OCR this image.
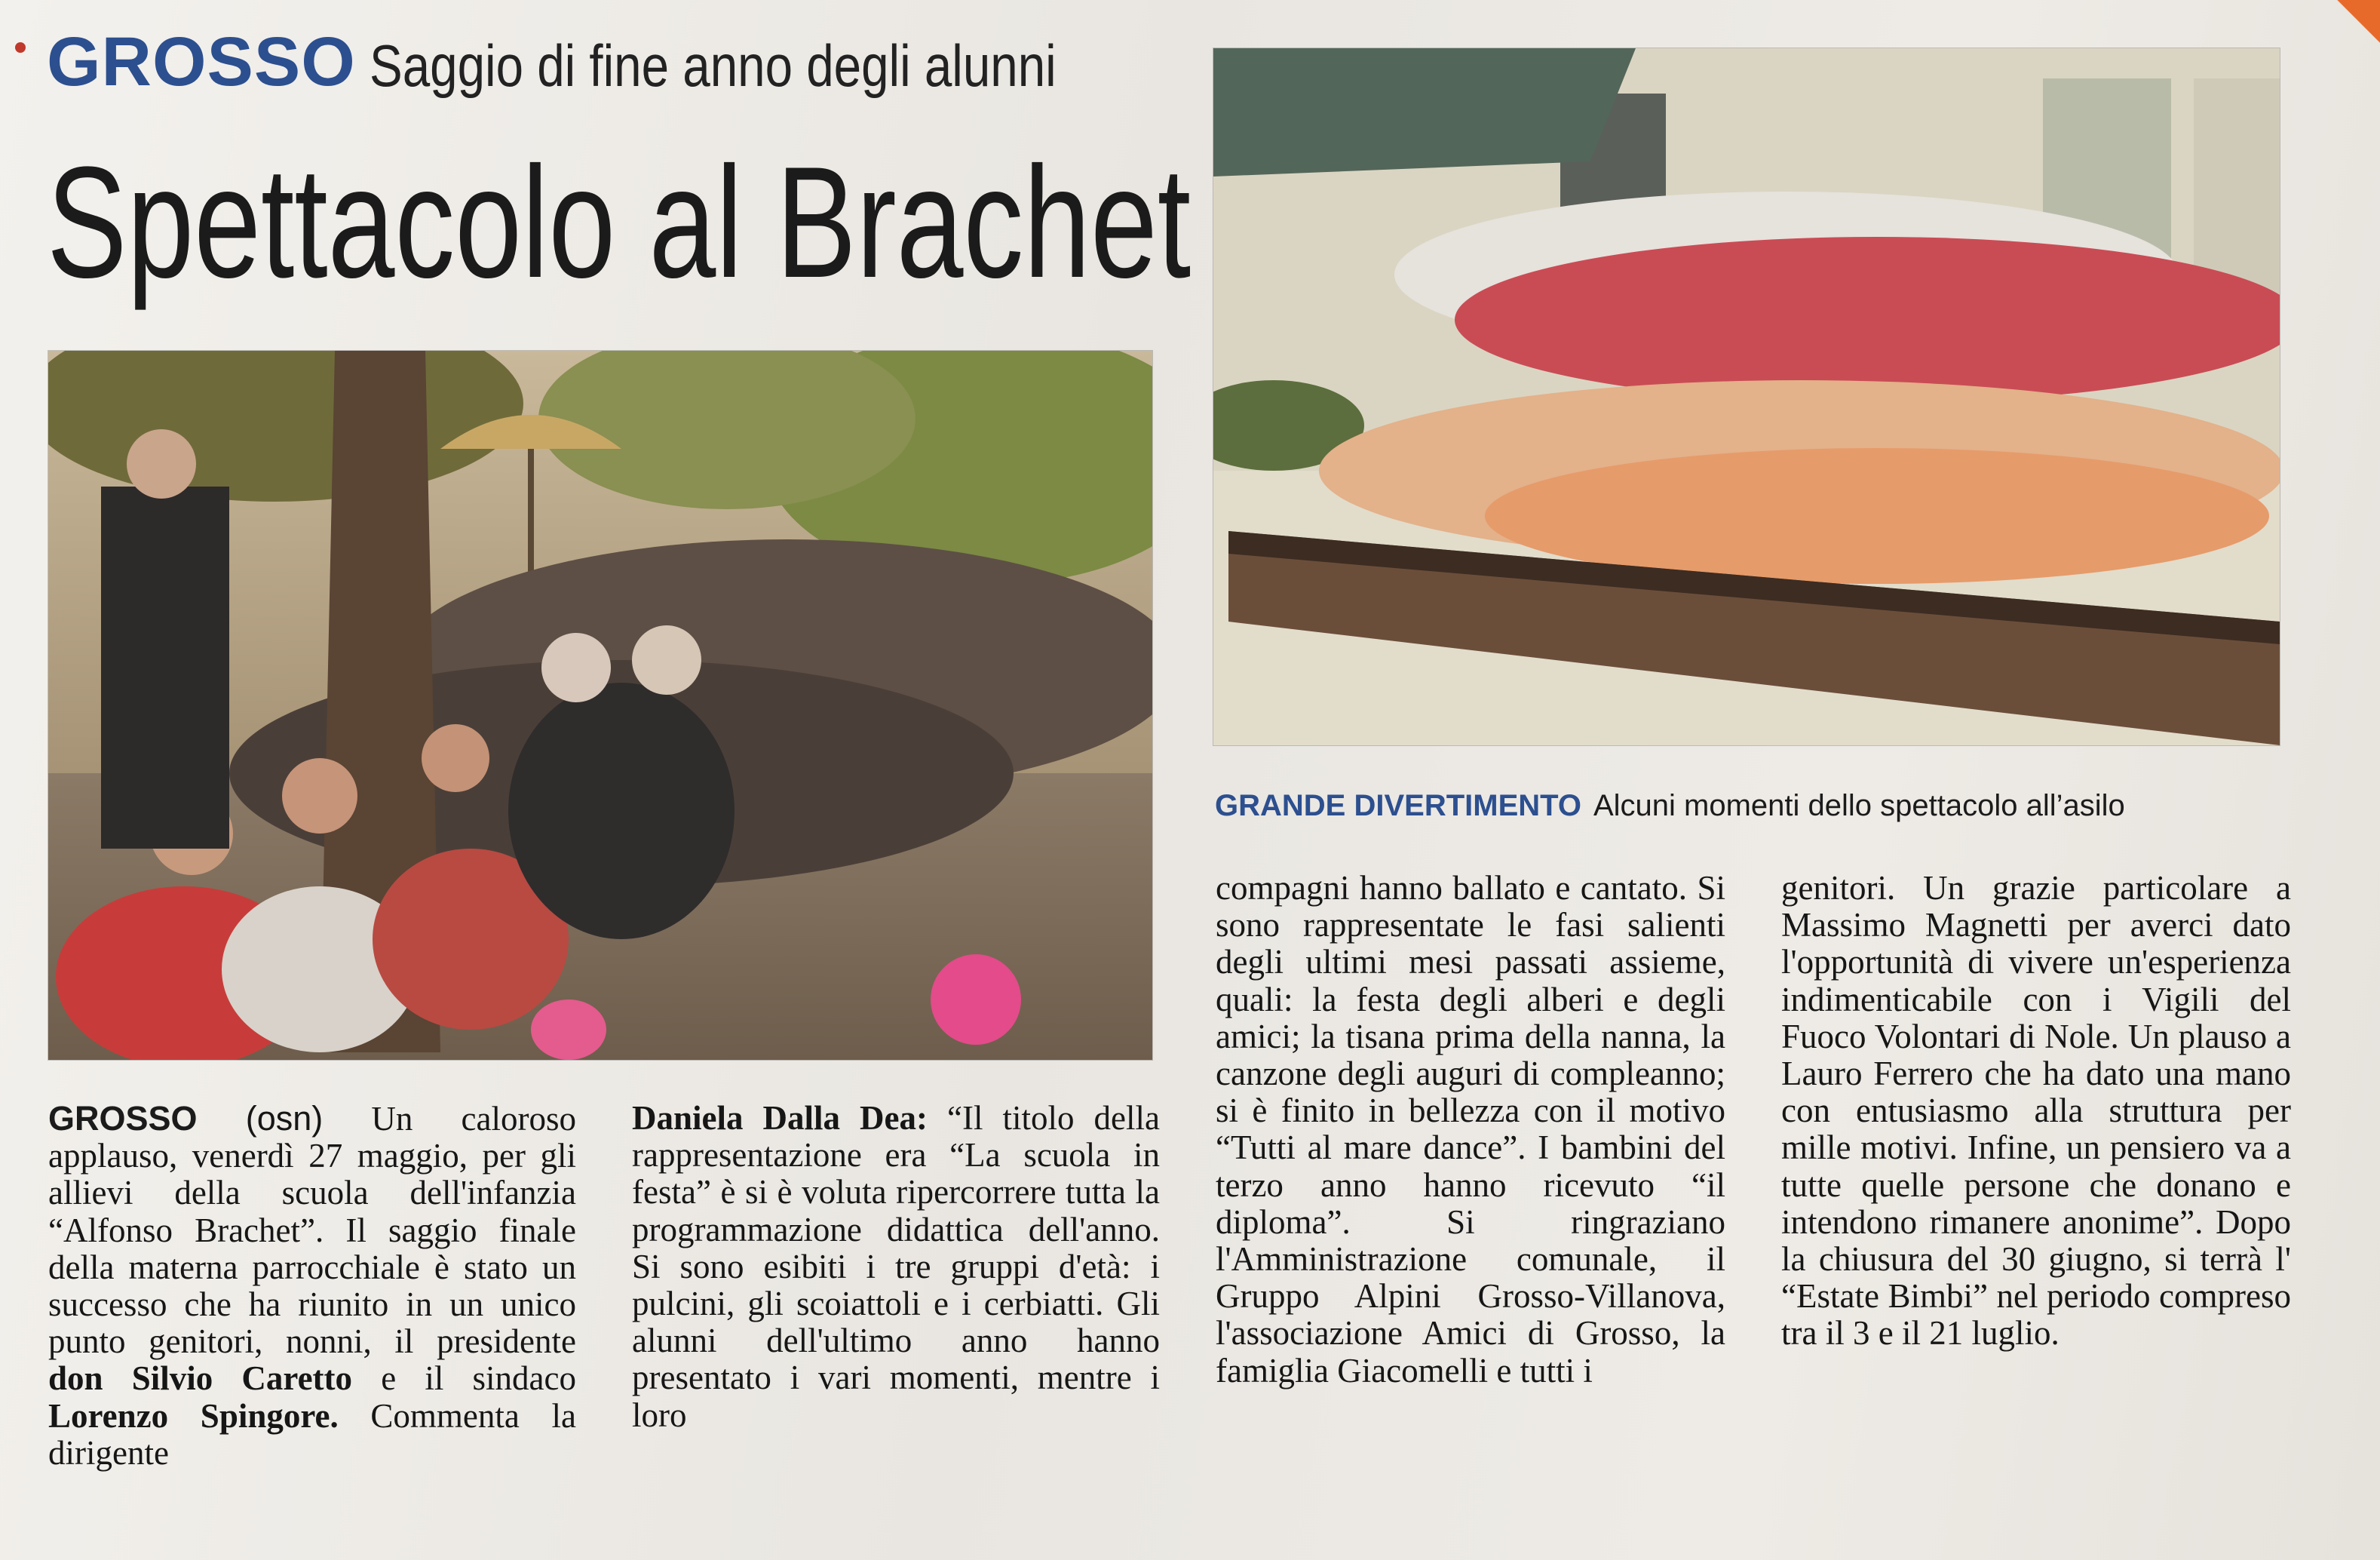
GROSSO Saggio di fine anno degli alunni
Spettacolo al Brachet
GRANDE DIVERTIMENTO Alcuni momenti dello spettacolo all’asilo
GROSSO (osn) Un caloroso applauso, venerdì 27 maggio, per gli allievi della scuola dell'infanzia “Alfonso Brachet”. Il saggio finale della materna parrocchiale è stato un successo che ha riunito in un unico punto genitori, nonni, il presidente don Silvio Caretto e il sindaco Lorenzo Spingore. Commenta la dirigente
Daniela Dalla Dea: “Il titolo della rappresentazione era “La scuola in festa” è si è voluta ripercorrere tutta la programmazione didattica dell'anno. Si sono esibiti i tre gruppi d'età: i pulcini, gli scoiattoli e i cerbiatti. Gli alunni dell'ultimo anno hanno presentato i vari momenti, mentre i loro
compagni hanno ballato e cantato. Si sono rappresentate le fasi salienti degli ultimi mesi passati assieme, quali: la festa degli alberi e degli amici; la tisana prima della nanna, la canzone degli auguri di compleanno; si è finito in bellezza con il motivo “Tutti al mare dance”. I bambini del terzo anno hanno ricevuto “il diploma”. Si ringraziano l'Amministrazione comunale, il Gruppo Alpini Grosso-Villanova, l'associazione Amici di Grosso, la famiglia Giacomelli e tutti i
genitori. Un grazie particolare a Massimo Magnetti per averci dato l'opportunità di vivere un'esperienza indimenticabile con i Vigili del Fuoco Volontari di Nole. Un plauso a Lauro Ferrero che ha dato una mano con entusiasmo alla struttura per mille motivi. Infine, un pensiero va a tutte quelle persone che donano e intendono rimanere anonime”. Dopo la chiusura del 30 giugno, si terrà l' “Estate Bimbi” nel periodo compreso tra il 3 e il 21 luglio.
